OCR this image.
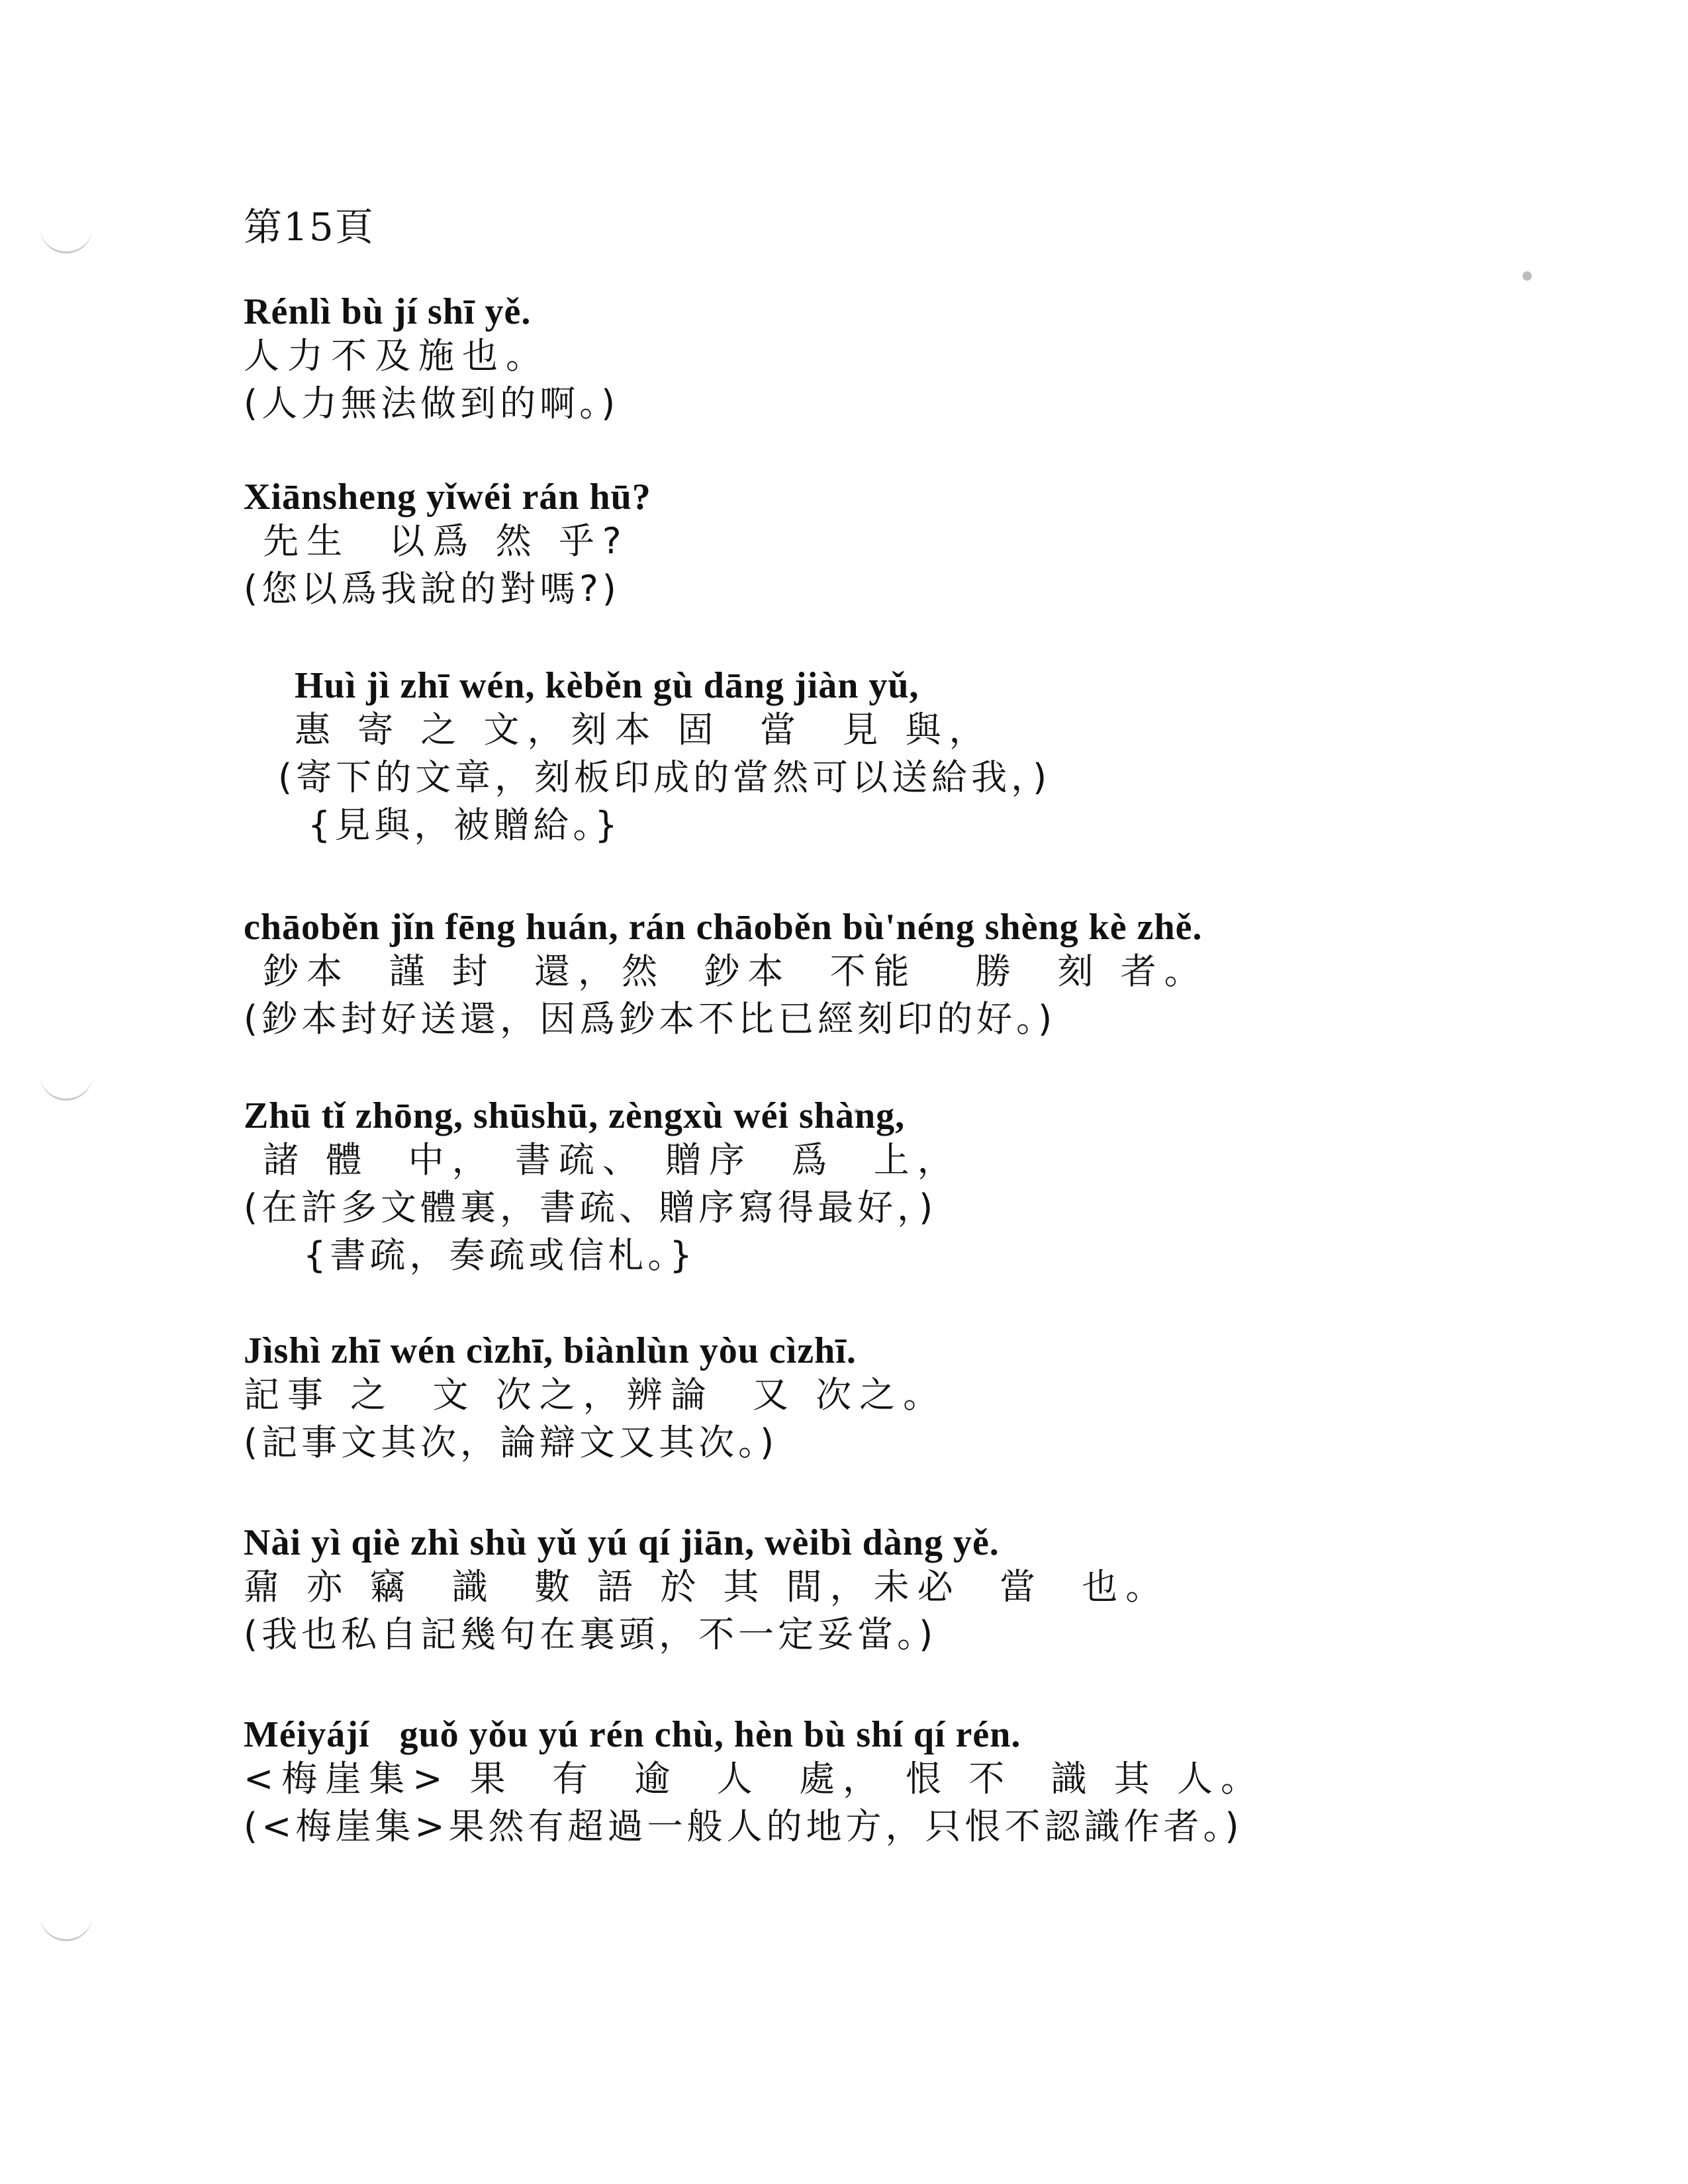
第15頁
Rénlì bù jí shī yě.
人力不及施也。
(人力無法做到的啊。)
Xiānsheng yǐwéi rán hū?
先生  以爲 然 乎?
(您以爲我說的對嗎?)
Huì jì zhī wén, kèběn gù dāng jiàn yǔ,
惠 寄 之 文，刻本 固  當  見 與，
(寄下的文章，刻板印成的當然可以送給我，)
{見與，被贈給。}
chāoběn jǐn fēng huán, rán chāoběn bù'néng shèng kè zhě.
鈔本  謹 封  還，然  鈔本  不能   勝  刻 者。
(鈔本封好送還，因爲鈔本不比已經刻印的好。)
Zhū tǐ zhōng, shūshū, zèngxù wéi shàng,
諸 體  中， 書疏、 贈序  爲  上，
(在許多文體裏，書疏、贈序寫得最好，)
{書疏，奏疏或信札。}
Jìshì zhī wén cìzhī, biànlùn yòu cìzhī.
記事 之  文 次之，辨論  又 次之。
(記事文其次，論辯文又其次。)
Nài yì qiè zhì shù yǔ yú qí jiān, wèibì dàng yě.
鼐 亦 竊  識  數 語 於 其 間，未必  當  也。
(我也私自記幾句在裏頭，不一定妥當。)
Méiyájí   guǒ yǒu yú rén chù, hèn bù shí qí rén.
<梅崖集> 果  有  逾  人  處， 恨 不  識 其 人。
(<梅崖集>果然有超過一般人的地方，只恨不認識作者。)
